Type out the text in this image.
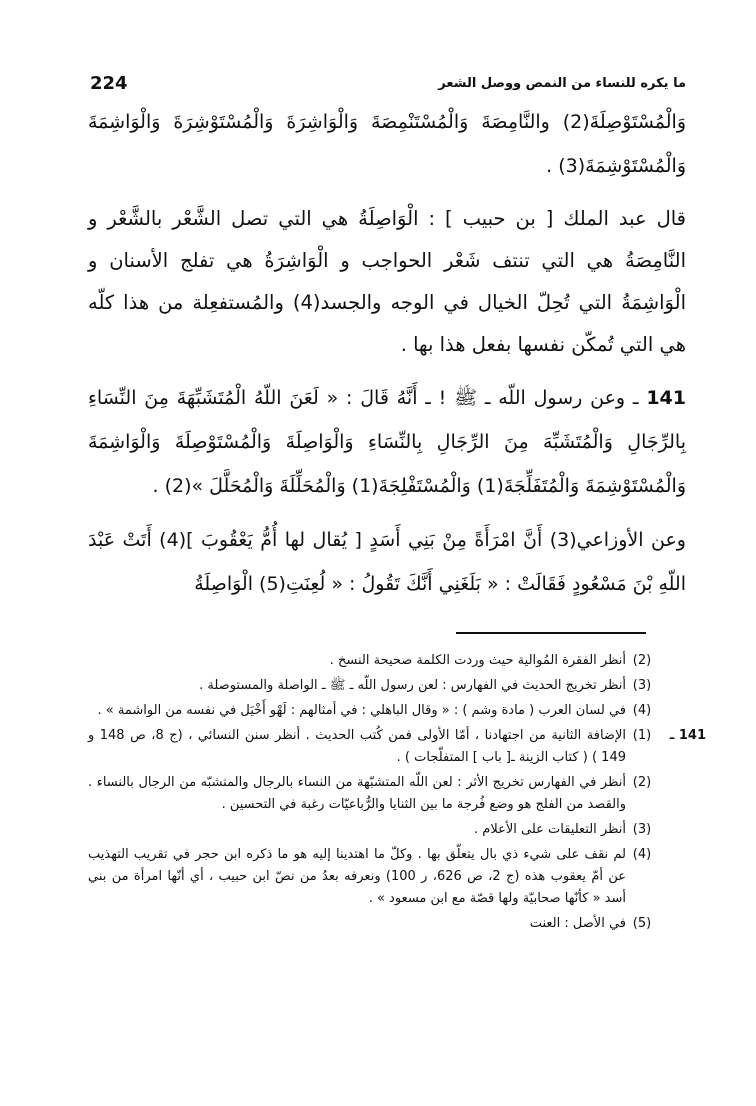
224	ما يكره للنساء من النمص ووصل الشعر

وَالْمُسْتَوْصِلَةَ(2) والنَّامِصَةَ وَالْمُسْتَنْمِصَةَ وَالْوَاشِرَةَ وَالْمُسْتَوْشِرَةَ وَالْوَاشِمَةَ وَالْمُسْتَوْشِمَةَ(3) .

قال عبد الملك [ بن حبيب ] : الْوَاصِلَةُ هي التي تصل الشَّعْر بالشَّعْر و النَّامِصَةُ هي التي تنتف شَعْر الحواجب و الْوَاشِرَةُ هي تفلج الأسنان و الْوَاشِمَةُ التي تُحِلّ الخيال في الوجه والجسد(4) والمُستفعِلة من هذا كلّه هي التي تُمكّن نفسها بفعل هذا بها .

141 ـ وعن رسول اللّه ـ ﷺ ! ـ أَنَّهُ قَالَ : « لَعَنَ اللّهُ الْمُتَشَبِّهَةَ مِنَ النِّسَاءِ بِالرِّجَالِ وَالْمُتَشَبِّهَ مِنَ الرِّجَالِ بِالنِّسَاءِ وَالْوَاصِلَةَ وَالْمُسْتَوْصِلَةَ وَالْوَاشِمَةَ وَالْمُسْتَوْشِمَةَ وَالْمُتَفَلِّجَةَ(1) وَالْمُسْتَفْلِجَةَ(1) وَالْمُحَلِّلَةَ وَالْمُحَلَّلَ »(2) .

وعن الأوزاعي(3) أَنَّ امْرَأَةً مِنْ بَنِي أَسَدٍ [ يُقال لها أُمُّ يَعْقُوبَ ](4) أَتَتْ عَبْدَ اللّهِ بْنَ مَسْعُودٍ فَقَالَتْ : « بَلَغَنِي أَنَّكَ تَقُولُ : « لُعِنَتِ(5) الْوَاصِلَةُ

(2)
أنظر الفقرة المُوالية حيث وردت الكلمة صحيحة النسخ .
(3)
أنظر تخريج الحديث في الفهارس : لعن رسول اللّه ـ ﷺ ـ الواصلة والمستوصلة .
(4)
في لسان العرب ( مادة وشم ) : « وقال الباهلي : في أمثالهم : لَهْو أَخْيَل في نفسه من الواشمة » .
141 ـ
(1)
الإضافة الثانية من اجتهادنا ، أمّا الأولى فمن كُتب الحديث . أنظر سنن النسائي ، (ج 8، ص 148 و 149 ) ( كتاب الزينة ـ[ باب ] المتفلّجات ) .
(2)
أنظر في الفهارس تخريج الأثر : لعن اللّه المتشبّهة من النساء بالرجال والمتشبّه من الرجال بالنساء . والقصد من الفلج هو وضع فُرجة ما بين الثنايا والرُّباعيّات رغبة في التحسين .
(3)
أنظر التعليقات على الأعلام .
(4)
لم نقف على شيء ذي بال يتعلّق بها . وكلّ ما اهتدينا إليه هو ما ذكره ابن حجر في تقريب التهذيب عن أمّ يعقوب هذه (ج 2، ص 626، ر 100) ونعرفه بعدُ من نصّ ابن حبيب ، أي أنّها امرأة من بني أسد « كأنّها صحابيّة ولها قصّة مع ابن مسعود » .
(5)
في الأصل : العنت
